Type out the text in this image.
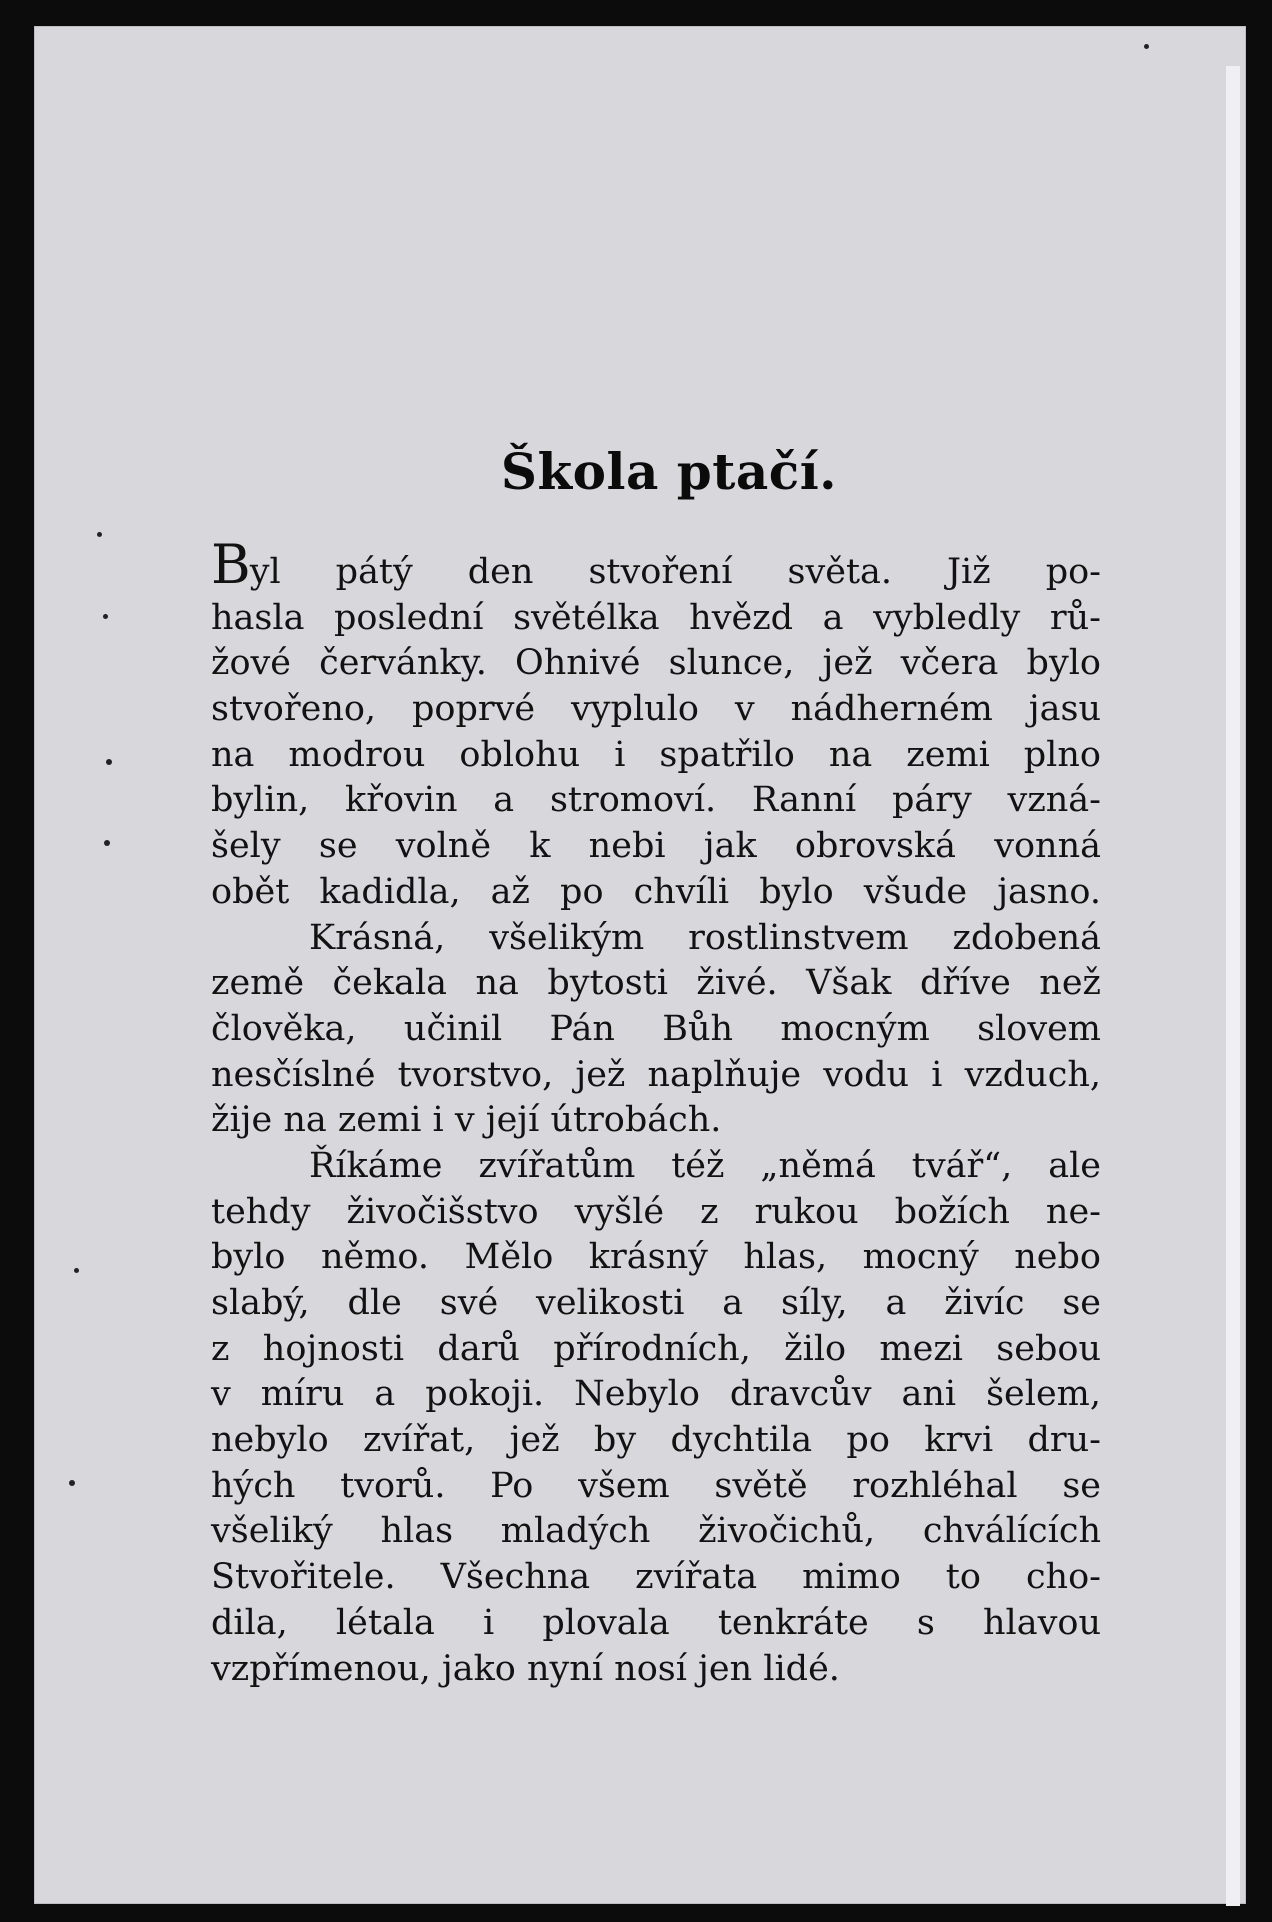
Škola ptačí.
Byl pátý den stvoření světa. Již po-
hasla poslední světélka hvězd a vybledly rů-
žové červánky. Ohnivé slunce, jež včera bylo
stvořeno, poprvé vyplulo v nádherném jasu
na modrou oblohu i spatřilo na zemi plno
bylin, křovin a stromoví. Ranní páry vzná-
šely se volně k nebi jak obrovská vonná
obět kadidla, až po chvíli bylo všude jasno.
Krásná, všelikým rostlinstvem zdobená
země čekala na bytosti živé. Však dříve než
člověka, učinil Pán Bůh mocným slovem
nesčíslné tvorstvo, jež naplňuje vodu i vzduch,
žije na zemi i v její útrobách.
Říkáme zvířatům též „němá tvář“, ale
tehdy živočišstvo vyšlé z rukou božích ne-
bylo němo. Mělo krásný hlas, mocný nebo
slabý, dle své velikosti a síly, a živíc se
z hojnosti darů přírodních, žilo mezi sebou
v míru a pokoji. Nebylo dravcův ani šelem,
nebylo zvířat, jež by dychtila po krvi dru-
hých tvorů. Po všem světě rozhléhal se
všeliký hlas mladých živočichů, chválících
Stvořitele. Všechna zvířata mimo to cho-
dila, létala i plovala tenkráte s hlavou
vzpřímenou, jako nyní nosí jen lidé.
